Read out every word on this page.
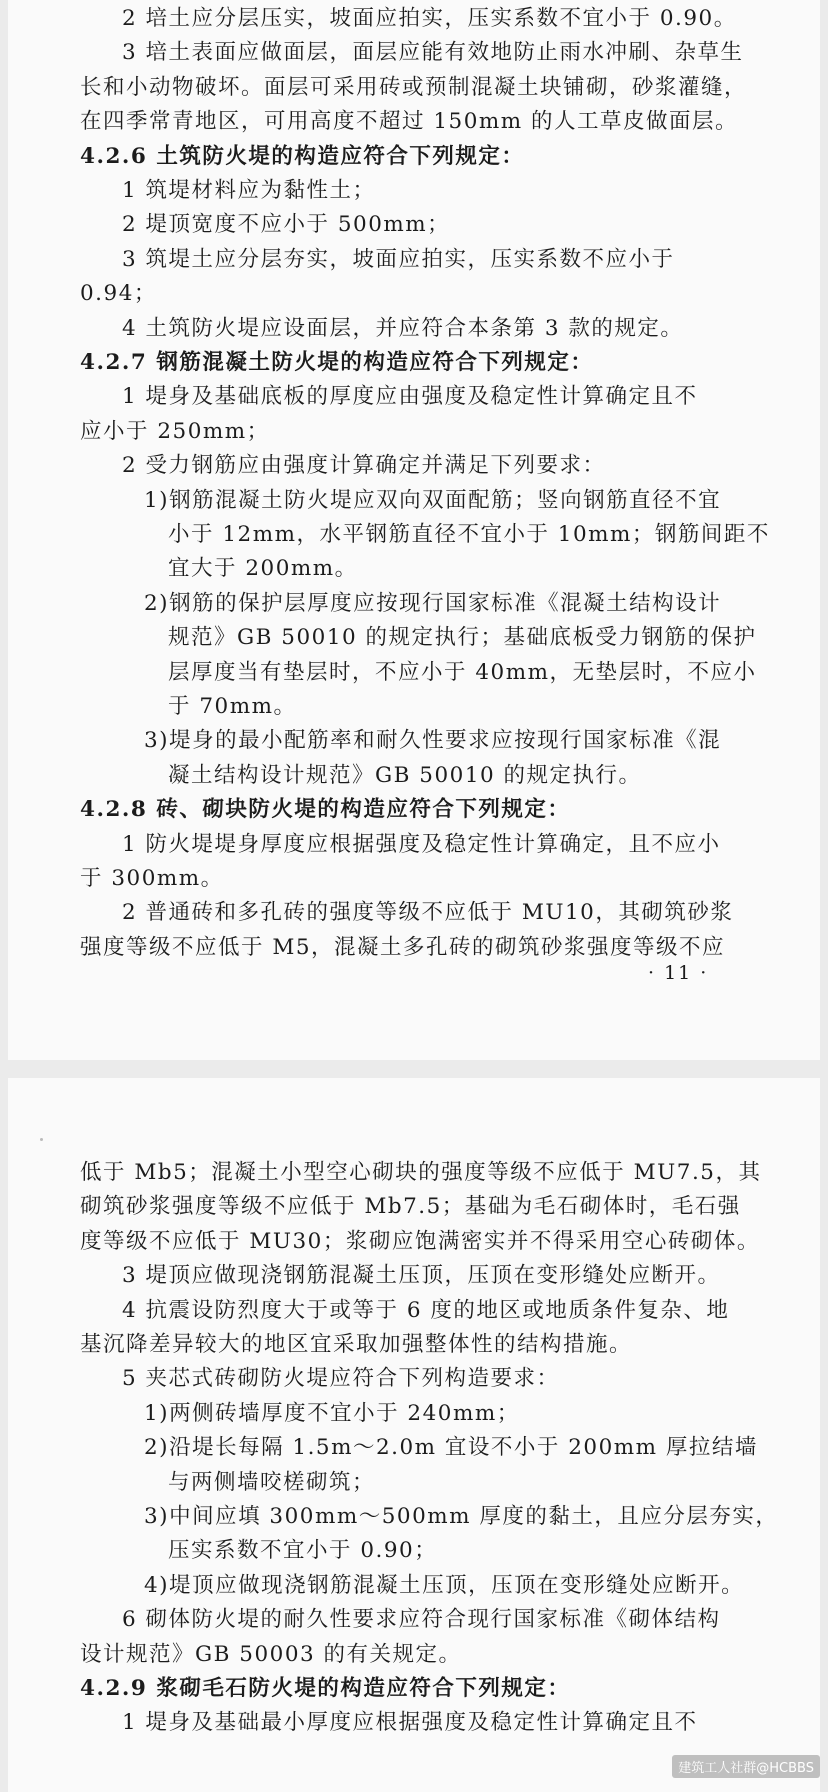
2 培土应分层压实，坡面应拍实，压实系数不宜小于 0.90。
3 培土表面应做面层，面层应能有效地防止雨水冲刷、杂草生
长和小动物破坏。面层可采用砖或预制混凝土块铺砌，砂浆灌缝，
在四季常青地区，可用高度不超过 150mm 的人工草皮做面层。
4.2.6 土筑防火堤的构造应符合下列规定：
1 筑堤材料应为黏性土；
2 堤顶宽度不应小于 500mm；
3 筑堤土应分层夯实，坡面应拍实，压实系数不应小于
0.94；
4 土筑防火堤应设面层，并应符合本条第 3 款的规定。
4.2.7 钢筋混凝土防火堤的构造应符合下列规定：
1 堤身及基础底板的厚度应由强度及稳定性计算确定且不
应小于 250mm；
2 受力钢筋应由强度计算确定并满足下列要求：
1)钢筋混凝土防火堤应双向双面配筋；竖向钢筋直径不宜
小于 12mm，水平钢筋直径不宜小于 10mm；钢筋间距不
宜大于 200mm。
2)钢筋的保护层厚度应按现行国家标准《混凝土结构设计
规范》GB 50010 的规定执行；基础底板受力钢筋的保护
层厚度当有垫层时，不应小于 40mm，无垫层时，不应小
于 70mm。
3)堤身的最小配筋率和耐久性要求应按现行国家标准《混
凝土结构设计规范》GB 50010 的规定执行。
4.2.8 砖、砌块防火堤的构造应符合下列规定：
1 防火堤堤身厚度应根据强度及稳定性计算确定，且不应小
· 11 ·
于 300mm。
2 普通砖和多孔砖的强度等级不应低于 MU10，其砌筑砂浆
强度等级不应低于 M5，混凝土多孔砖的砌筑砂浆强度等级不应
低于 Mb5；混凝土小型空心砌块的强度等级不应低于 MU7.5，其
砌筑砂浆强度等级不应低于 Mb7.5；基础为毛石砌体时，毛石强
度等级不应低于 MU30；浆砌应饱满密实并不得采用空心砖砌体。
3 堤顶应做现浇钢筋混凝土压顶，压顶在变形缝处应断开。
4 抗震设防烈度大于或等于 6 度的地区或地质条件复杂、地
基沉降差异较大的地区宜采取加强整体性的结构措施。
5 夹芯式砖砌防火堤应符合下列构造要求：
1)两侧砖墙厚度不宜小于 240mm；
2)沿堤长每隔 1.5m～2.0m 宜设不小于 200mm 厚拉结墙
与两侧墙咬槎砌筑；
3)中间应填 300mm～500mm 厚度的黏土，且应分层夯实，
压实系数不宜小于 0.90；
4)堤顶应做现浇钢筋混凝土压顶，压顶在变形缝处应断开。
6 砌体防火堤的耐久性要求应符合现行国家标准《砌体结构
设计规范》GB 50003 的有关规定。
4.2.9 浆砌毛石防火堤的构造应符合下列规定：
1 堤身及基础最小厚度应根据强度及稳定性计算确定且不
建筑工人社群@HCBBS
